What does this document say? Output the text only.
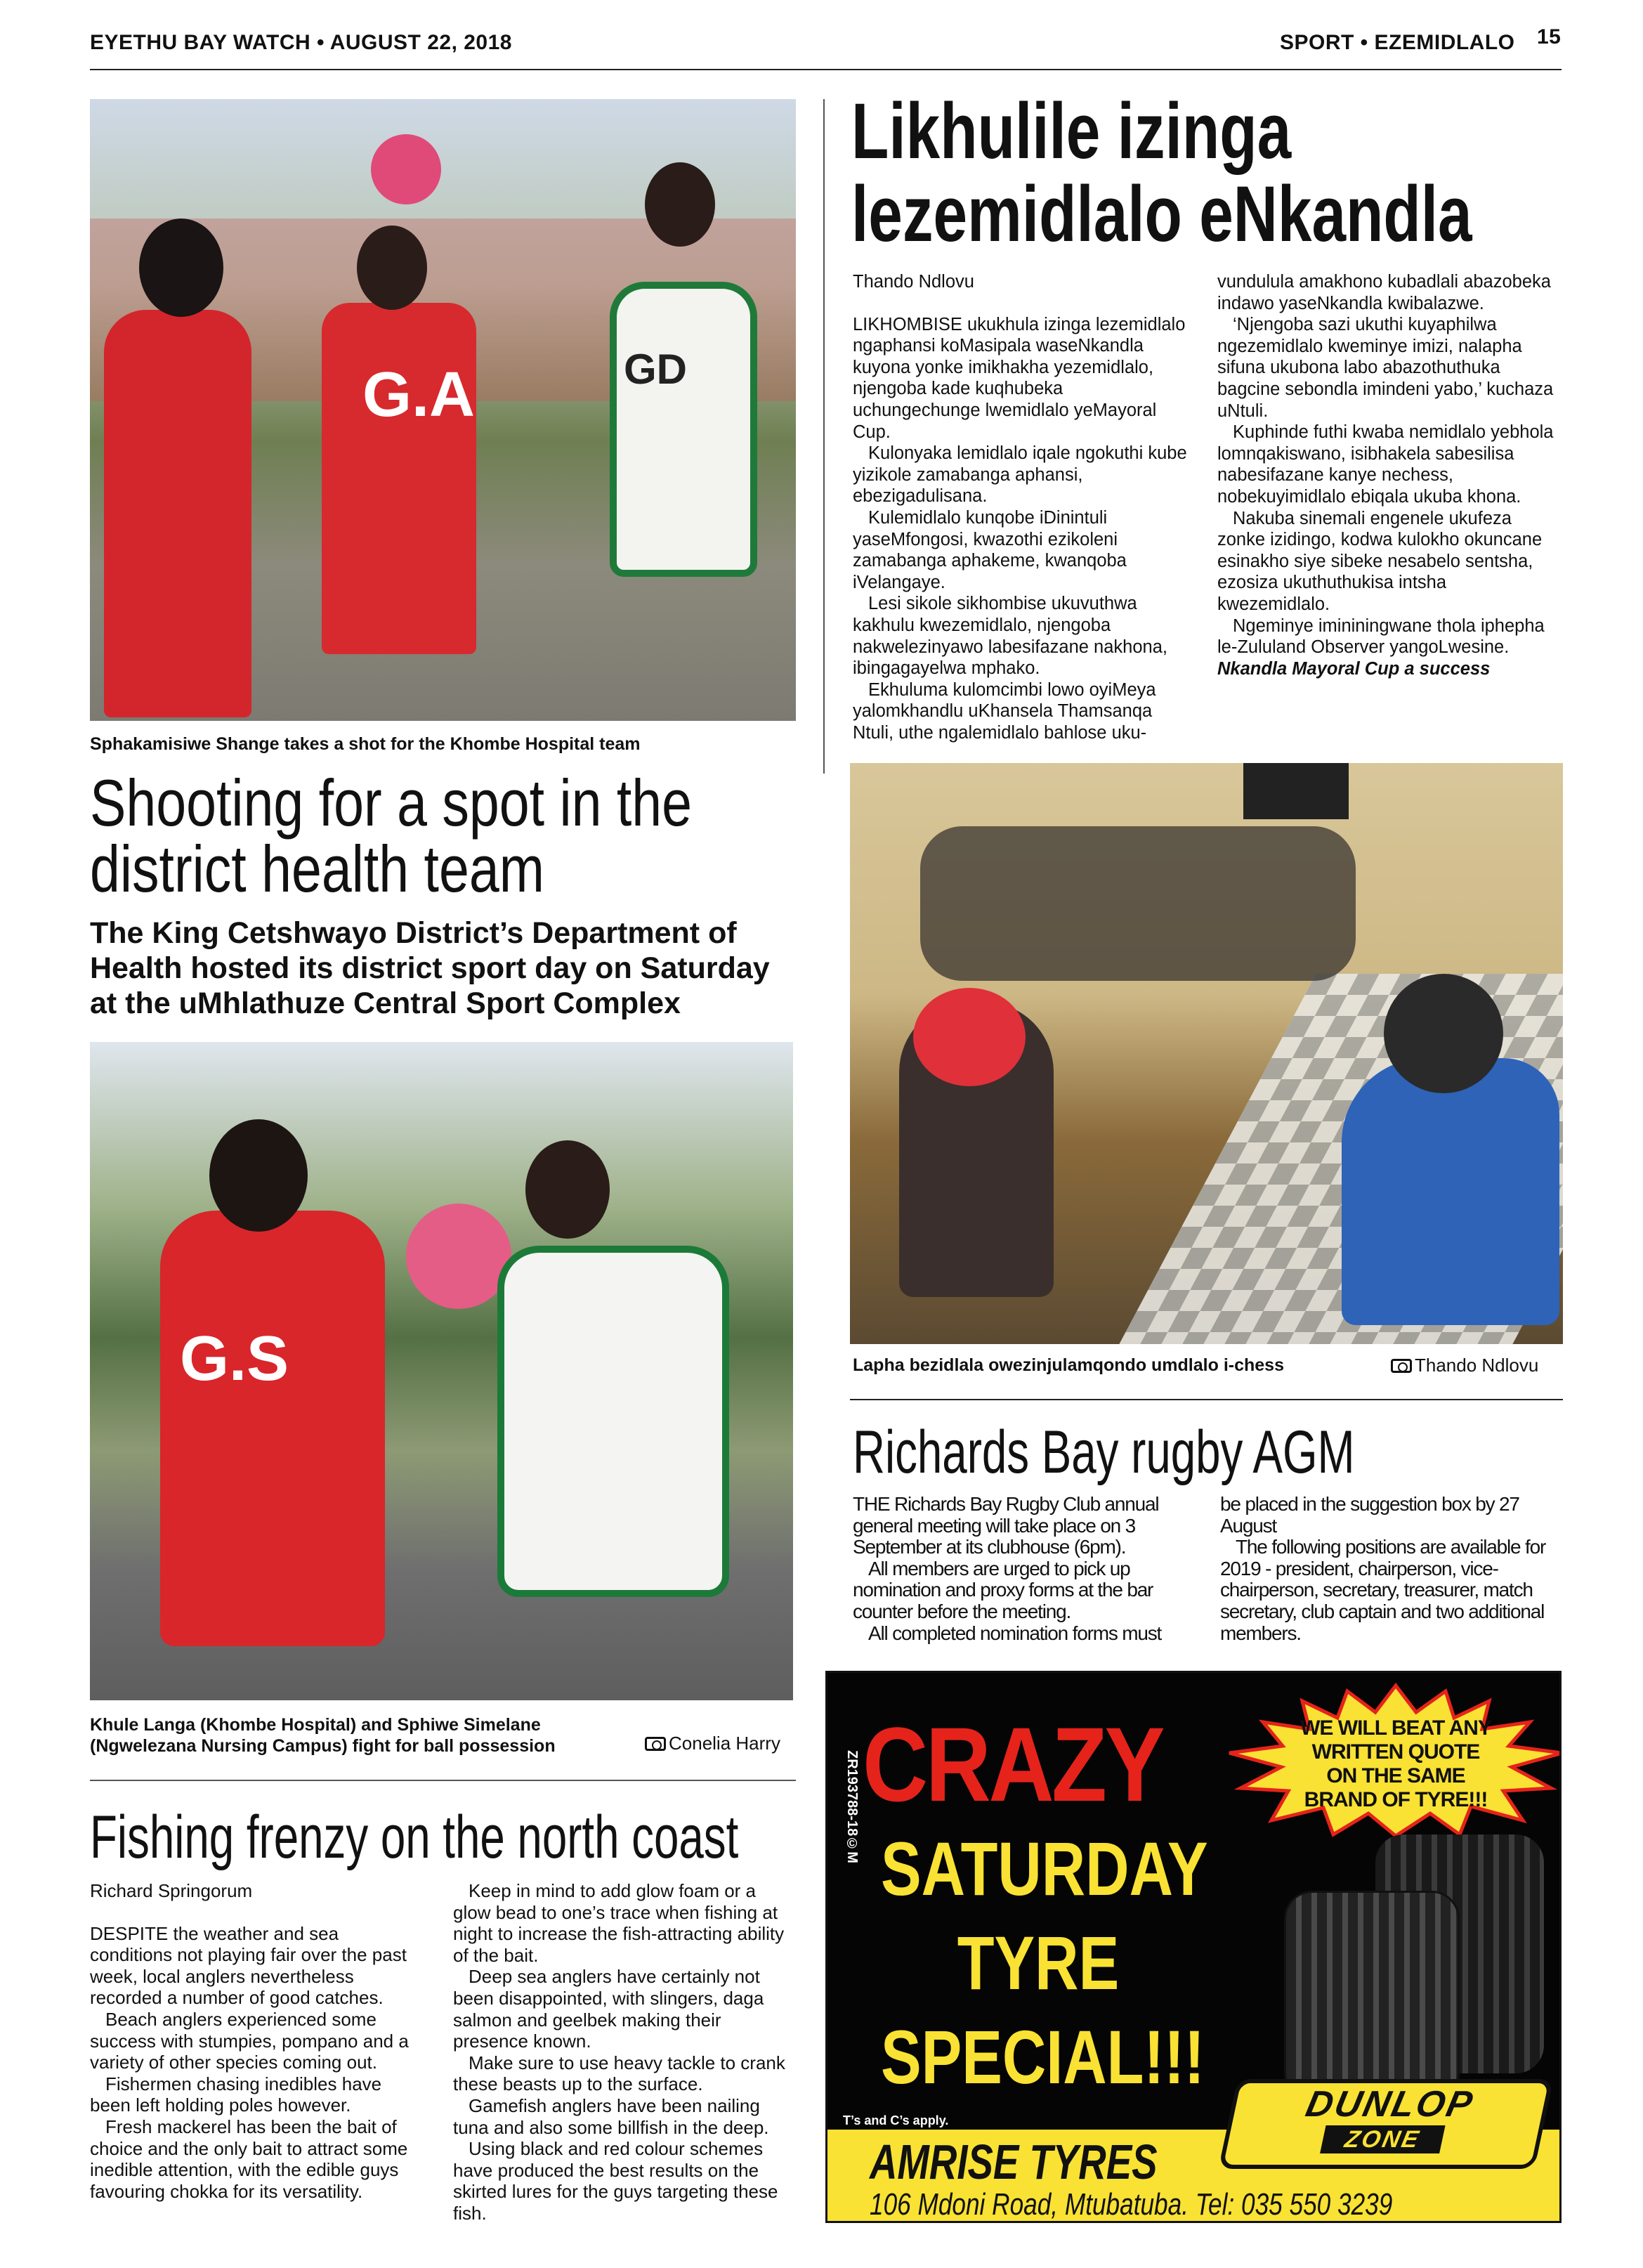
EYETHU BAY WATCH • AUGUST 22, 2018	SPORT • EZEMIDLALO 15
G.A	GD
Sphakamisiwe Shange takes a shot for the Khombe Hospital team
Shooting for a spot in the
district health team
The King Cetshwayo District’s Department of Health hosted its district sport day on Saturday at the uMhlathuze Central Sport Complex
G.S
Khule Langa (Khombe Hospital) and Sphiwe Simelane (Ngwelezana Nursing Campus) fight for ball possession	Conelia Harry
Fishing frenzy on the north coast

Richard Springorum

DESPITE the weather and sea conditions not playing fair over the past week, local anglers nevertheless recorded a number of good catches.

Beach anglers experienced some success with stumpies, pompano and a variety of other species coming out.

Fishermen chasing inedibles have been left holding poles however.

Fresh mackerel has been the bait of choice and the only bait to attract some inedible attention, with the edible guys favouring chokka for its versatility.

Keep in mind to add glow foam or a glow bead to one’s trace when fishing at night to increase the fish-attracting ability of the bait.

Deep sea anglers have certainly not been disappointed, with slingers, daga salmon and geelbek making their presence known.

Make sure to use heavy tackle to crank these beasts up to the surface.

Gamefish anglers have been nailing tuna and also some billfish in the deep.

Using black and red colour schemes have produced the best results on the skirted lures for the guys targeting these fish.

Likhulile izinga
lezemidlalo eNkandla

Thando Ndlovu

LIKHOMBISE ukukhula izinga lezemidlalo ngaphansi koMasipala waseNkandla kuyona yonke imikhakha yezemidlalo, njengoba kade kuqhubeka uchungechunge lwemidlalo yeMayoral Cup.

Kulonyaka lemidlalo iqale ngokuthi kube yizikole zamabanga aphansi, ebezigadulisana.

Kulemidlalo kunqobe iDinintuli yaseMfongosi, kwazothi ezikoleni zamabanga aphakeme, kwanqoba iVelangaye.

Lesi sikole sikhombise ukuvuthwa kakhulu kwezemidlalo, njengoba nakwelezinyawo labesifazane nakhona, ibingagayelwa mphako.

Ekhuluma kulomcimbi lowo oyiMeya yalomkhandlu uKhansela Thamsanqa Ntuli, uthe ngalemidlalo bahlose uku-

vundulula amakhono kubadlali abazobeka indawo yaseNkandla kwibalazwe.

‘Njengoba sazi ukuthi kuyaphilwa ngezemidlalo kweminye imizi, nalapha sifuna ukubona labo abazothuthuka bagcine sebondla imindeni yabo,’ kuchaza uNtuli.

Kuphinde futhi kwaba nemidlalo yebhola lomnqakiswano, isibhakela sabesilisa nabesifazane kanye nechess, nobekuyimidlalo ebiqala ukuba khona.

Nakuba sinemali engenele ukufeza zonke izidingo, kodwa kulokho okuncane esinakho siye sibeke nesabelo sentsha, ezosiza ukuthuthukisa intsha kwezemidlalo.

Ngeminye imininingwane thola iphepha le-Zululand Observer yangoLwesine.

Nkandla Mayoral Cup a success

Lapha bezidlala owezinjulamqondo umdlalo i-chess	Thando Ndlovu
Richards Bay rugby AGM

THE Richards Bay Rugby Club annual general meeting will take place on 3 September at its clubhouse (6pm).

All members are urged to pick up nomination and proxy forms at the bar counter before the meeting.

All completed nomination forms must

be placed in the suggestion box by 27 August

The following positions are available for 2019 - president, chairperson, vice-chairperson, secretary, treasurer, match secretary, club captain and two additional members.

CRAZY
SATURDAY
TYRE
SPECIAL!!!
WE WILL BEAT ANY WRITTEN QUOTE ON THE SAME BRAND OF TYRE!!!
ZR193788-18©M
T’s and C’s apply.	DUNLOP
ZONE
AMRISE TYRES
106 Mdoni Road, Mtubatuba. Tel: 035 550 3239
